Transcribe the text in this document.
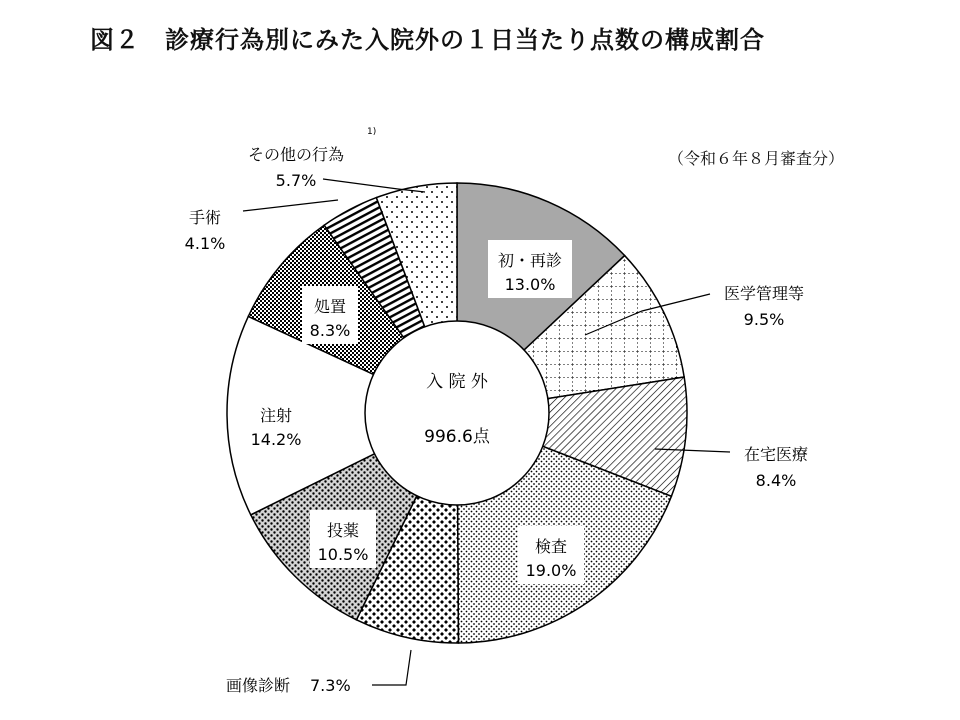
図２　診療行為別にみた入院外の１日当たり点数の構成割合
（令和６年８月審査分）
入 院 外
996.6点
初・再診
13.0%	医学管理等
9.5%
在宅医療
8.4%
検査
19.0%
画像診断 7.3%
投薬
10.5%
注射
14.2%
処置
8.3%
手術
4.1%
その他の行為
5.7%
1)
